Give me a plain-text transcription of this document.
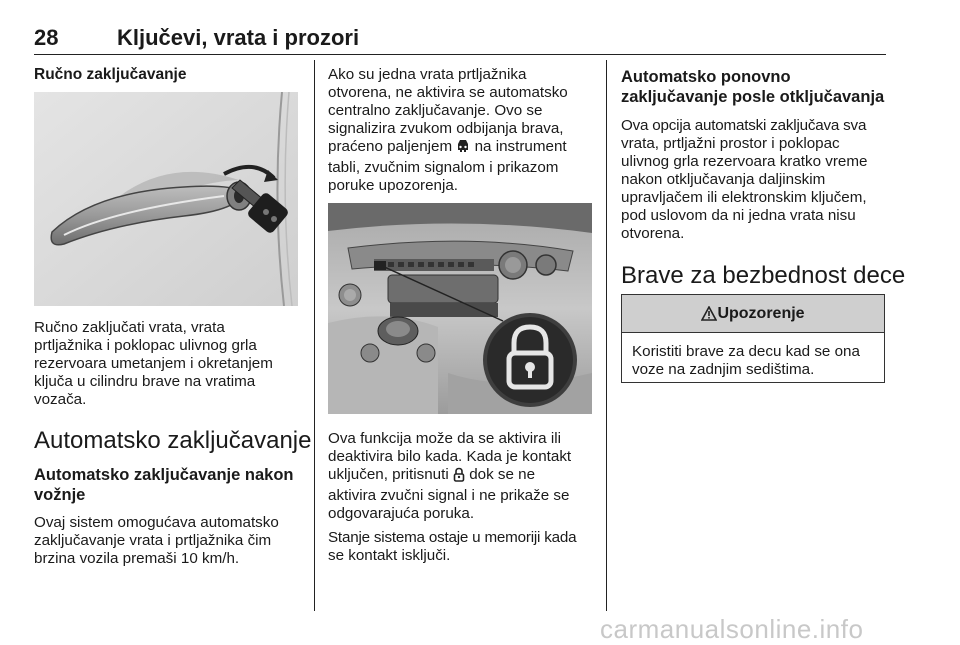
28	Ključevi, vrata i prozori

Ručno zaključavanje

Ručno zaključati vrata, vrata

prtljažnika i poklopac ulivnog grla

rezervoara umetanjem i okretanjem

ključa u cilindru brave na vratima

vozača.

Automatsko zaključavanje

Automatsko zaključavanje nakon

vožnje

Ovaj sistem omogućava automatsko

zaključavanje vrata i prtljažnika čim

brzina vozila premaši 10 km/h.

Ako su jedna vrata prtljažnika

otvorena, ne aktivira se automatsko

centralno zaključavanje. Ovo se

signalizira zvukom odbijanja brava,

praćeno paljenjem na instrument

tabli, zvučnim signalom i prikazom

poruke upozorenja.

Ova funkcija može da se aktivira ili

deaktivira bilo kada. Kada je kontakt

uključen, pritisnuti dok se ne

aktivira zvučni signal i ne prikaže se

odgovarajuća poruka.

Stanje sistema ostaje u memoriji kada

se kontakt isključi.

Automatsko ponovno

zaključavanje posle otključavanja

Ova opcija automatski zaključava sva

vrata, prtljažni prostor i poklopac

ulivnog grla rezervoara kratko vreme

nakon otključavanja daljinskim

upravljačem ili elektronskim ključem,

pod uslovom da ni jedna vrata nisu

otvorena.

Brave za bezbednost dece

Upozorenje
Koristiti brave za decu kad se ona
voze na zadnjim sedištima.
carmanualsonline.info
